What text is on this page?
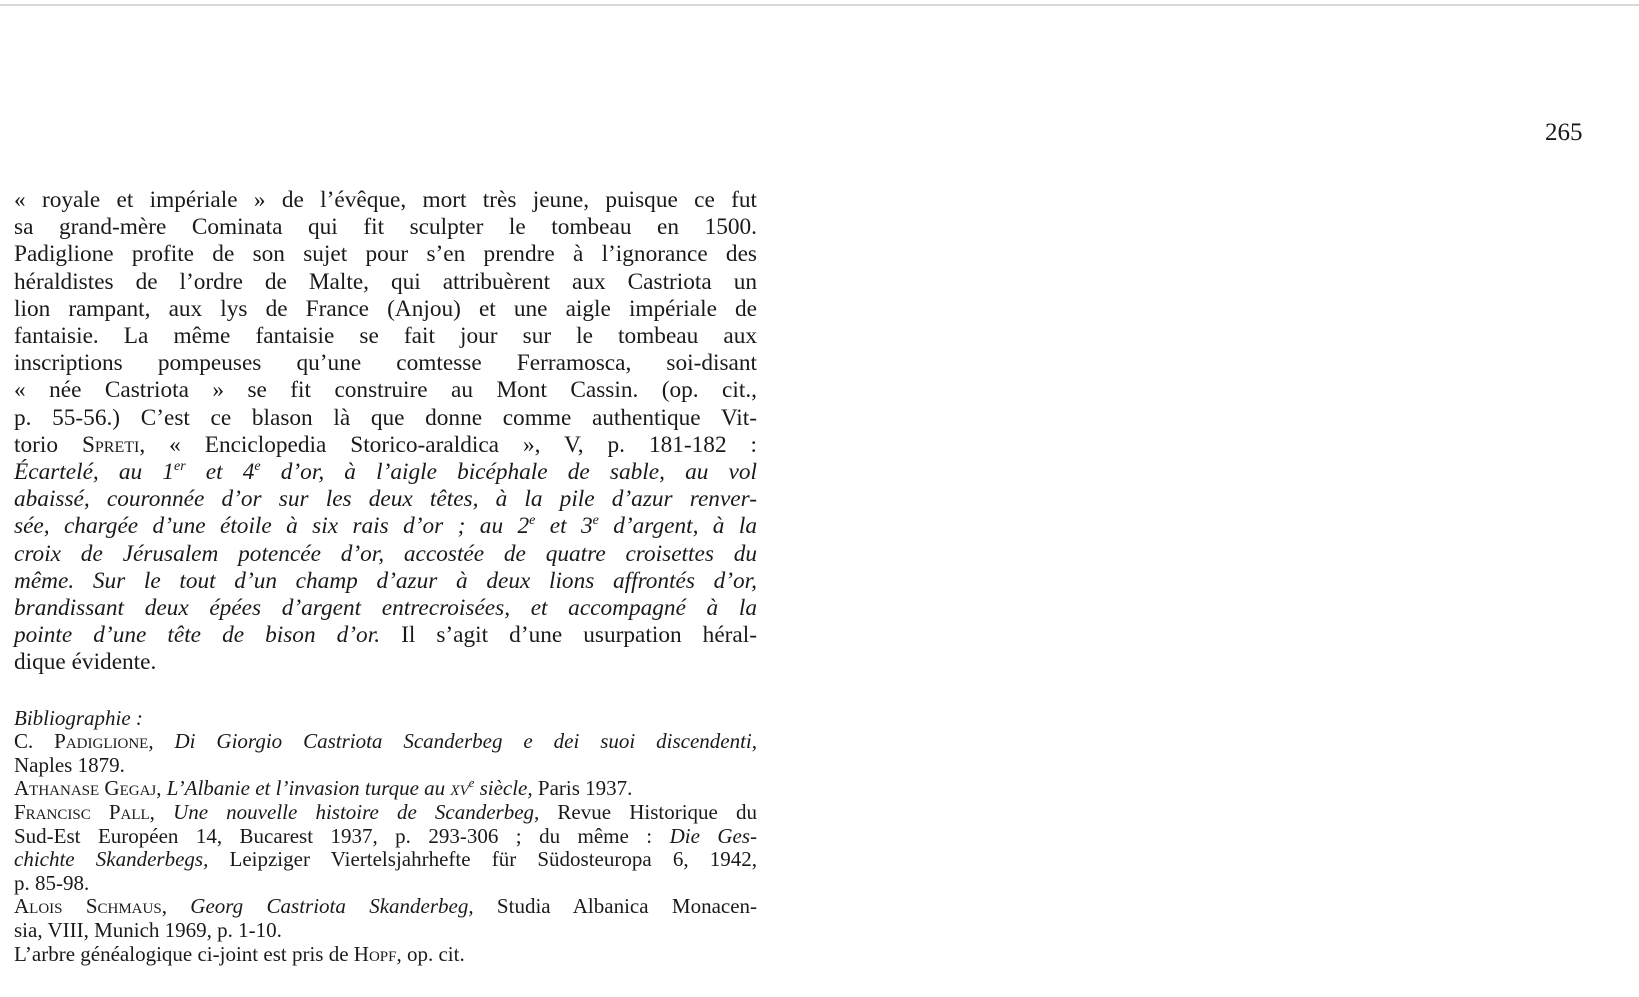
265
« royale et impériale » de l’évêque, mort très jeune, puisque ce fut
sa grand-mère Cominata qui fit sculpter le tombeau en 1500.
Padiglione profite de son sujet pour s’en prendre à l’ignorance des
héraldistes de l’ordre de Malte, qui attribuèrent aux Castriota un
lion rampant, aux lys de France (Anjou) et une aigle impériale de
fantaisie. La même fantaisie se fait jour sur le tombeau aux
inscriptions pompeuses qu’une comtesse Ferramosca, soi-disant
« née Castriota » se fit construire au Mont Cassin. (op. cit.,
p. 55-56.) C’est ce blason là que donne comme authentique Vit-
torio Spreti, « Enciclopedia Storico-araldica », V, p. 181-182 :
Écartelé, au 1er et 4e d’or, à l’aigle bicéphale de sable, au vol
abaissé, couronnée d’or sur les deux têtes, à la pile d’azur renver-
sée, chargée d’une étoile à six rais d’or ; au 2e et 3e d’argent, à la
croix de Jérusalem potencée d’or, accostée de quatre croisettes du
même. Sur le tout d’un champ d’azur à deux lions affrontés d’or,
brandissant deux épées d’argent entrecroisées, et accompagné à la
pointe d’une tête de bison d’or. Il s’agit d’une usurpation héral-
dique évidente.
Bibliographie :
C. Padiglione, Di Giorgio Castriota Scanderbeg e dei suoi discendenti,
Naples 1879.
Athanase Gegaj, L’Albanie et l’invasion turque au $xv^e$ siècle, Paris 1937.
Francisc Pall, Une nouvelle histoire de Scanderbeg, Revue Historique du
Sud-Est Européen 14, Bucarest 1937, p. 293-306 ; du même : Die Ges-
chichte Skanderbegs, Leipziger Viertelsjahrhefte für Südosteuropa 6, 1942,
p. 85-98.
Alois Schmaus, Georg Castriota Skanderbeg, Studia Albanica Monacen-
sia, VIII, Munich 1969, p. 1-10.
L’arbre généalogique ci-joint est pris de Hopf, op. cit.
